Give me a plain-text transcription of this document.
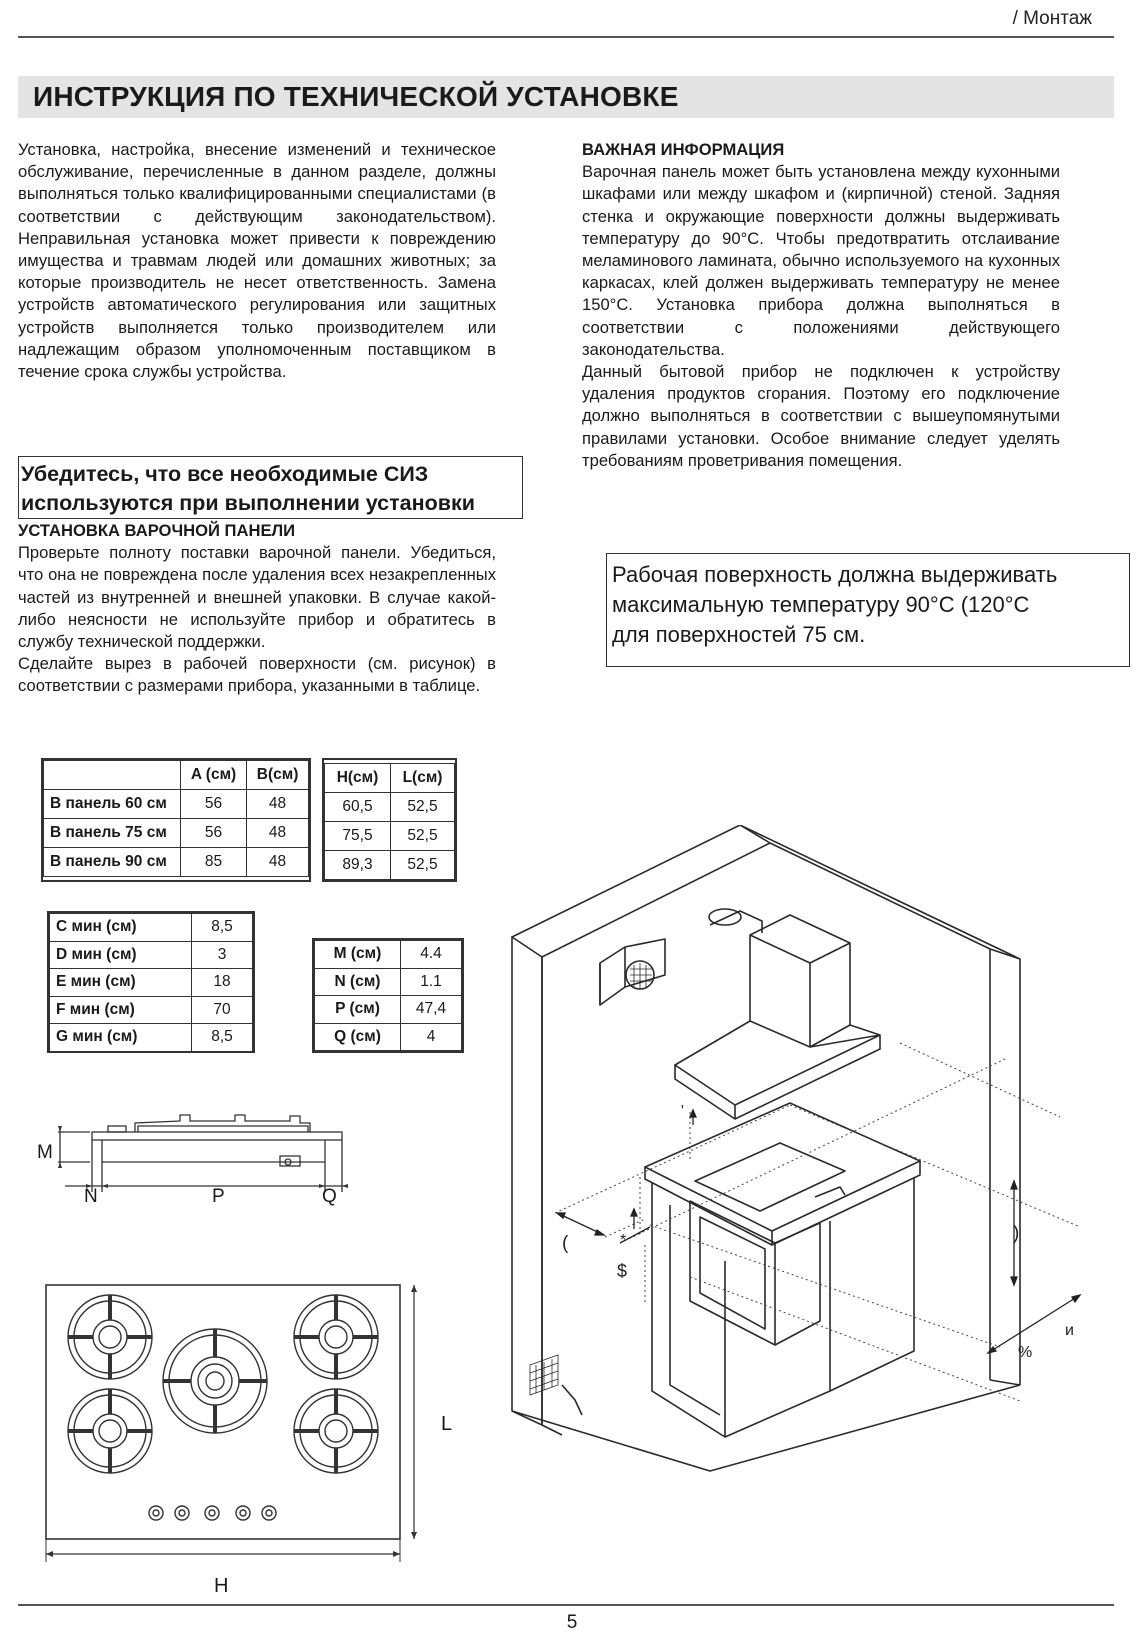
/ Монтаж
ИНСТРУКЦИЯ ПО ТЕХНИЧЕСКОЙ УСТАНОВКЕ

Установка, настройка, внесение изменений и техническое обслуживание, перечисленные в данном разделе, должны выполняться только квалифицированными специалистами (в соответствии с действующим законодательством). Неправильная установка может привести к повреждению имущества и травмам людей или домашних животных; за которые производитель не несет ответственность. Замена устройств автоматического регулирования или защитных устройств выполняется только производителем или надлежащим образом уполномоченным поставщиком в течение срока службы устройства.

Убедитесь, что все необходимые СИЗ используются при выполнении установки
УСТАНОВКА ВАРОЧНОЙ ПАНЕЛИ

Проверьте полноту поставки варочной панели. Убедиться, что она не повреждена после удаления всех незакрепленных частей из внутренней и внешней упаковки. В случае какой-либо неясности не используйте прибор и обратитесь в службу технической поддержки.

Сделайте вырез в рабочей поверхности (см. рисунок) в соответствии с размерами прибора, указанными в таблице.

ВАЖНАЯ ИНФОРМАЦИЯ

Варочная панель может быть установлена между кухонными шкафами или между шкафом и (кирпичной) стеной. Задняя стенка и окружающие поверхности должны выдерживать температуру до 90°C. Чтобы предотвратить отслаивание меламинового ламината, обычно используемого на кухонных каркасах, клей должен выдерживать температуру не менее 150°C. Установка прибора должна выполняться в соответствии с положениями действующего законодательства.

Данный бытовой прибор не подключен к устройству удаления продуктов сгорания. Поэтому его подключение должно выполняться в соответствии с вышеупомянутыми правилами установки. Особое внимание следует уделять требованиям проветривания помещения.

Рабочая поверхность должна выдерживать
максимальную температуру 90°C (120°C
для поверхностей 75 см.
	A (см)	B(см)
В панель 60 см	56	48
В панель 75 см	56	48
В панель 90 см	85	48
H(см)	L(см)
60,5	52,5
75,5	52,5
89,3	52,5
C мин (см)	8,5
D мин (см)	3
E мин (см)	18
F мин (см)	70
G мин (см)	8,5
M (см)	4.4
N (см)	1.1
P (см)	47,4
Q (см)	4
M
N	P	Q
L
H
'
(	*
$
)
%
и
5
